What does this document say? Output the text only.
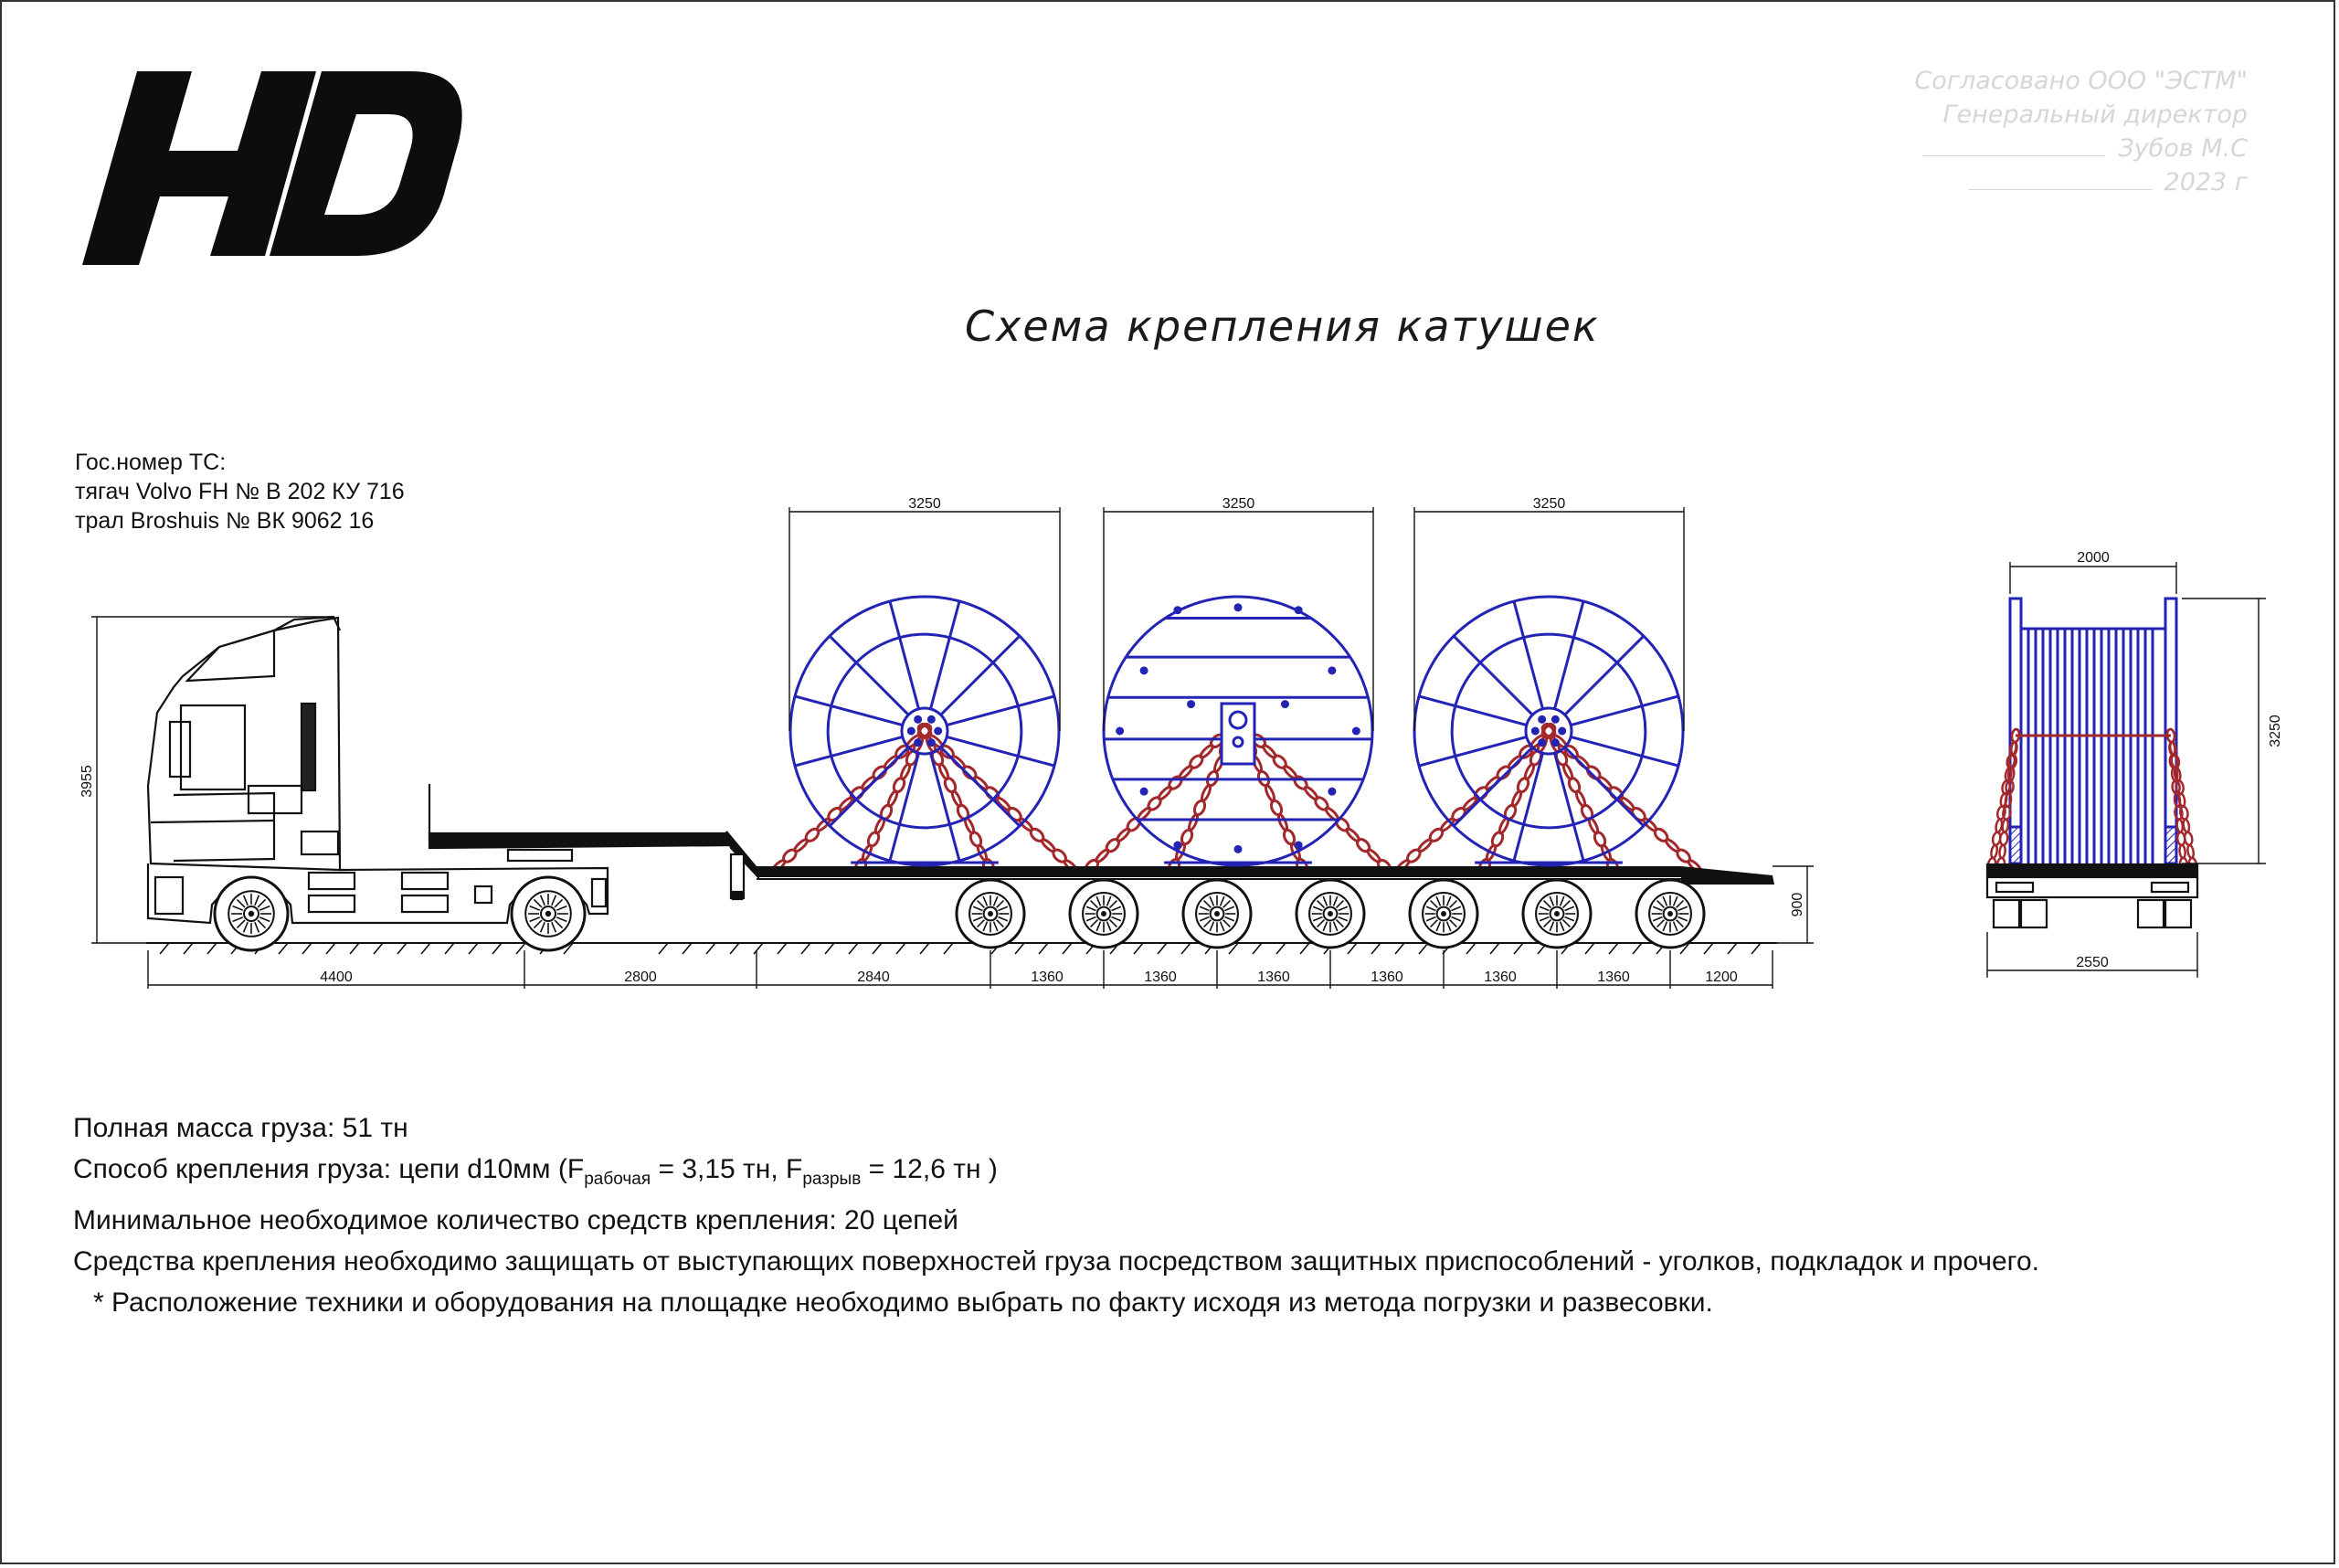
Согласовано ООО "ЭСТМ"
Генеральный директор
Зубов М.С
2023 г
Схема крепления катушек
Гос.номер ТС:
тягач Volvo FH № В 202 КУ 716
трал Broshuis № ВК 9062 16
3250	3250	3250
3955
900
4400	2800	2840	1360	1360	1360	1360	1360	1360	1200
2000
3250
2550
Полная масса груза: 51 тн
Способ крепления груза: цепи d10мм ($F_{рабочая} = 3,15$ тн, $F_{разрыв} = 12,6$ тн )
Минимальное необходимое количество средств крепления: 20 цепей
Средства крепления необходимо защищать от выступающих поверхностей груза посредством защитных приспособлений - уголков, подкладок и прочего.
* Расположение техники и оборудования на площадке необходимо выбрать по факту исходя из метода погрузки и развесовки.
